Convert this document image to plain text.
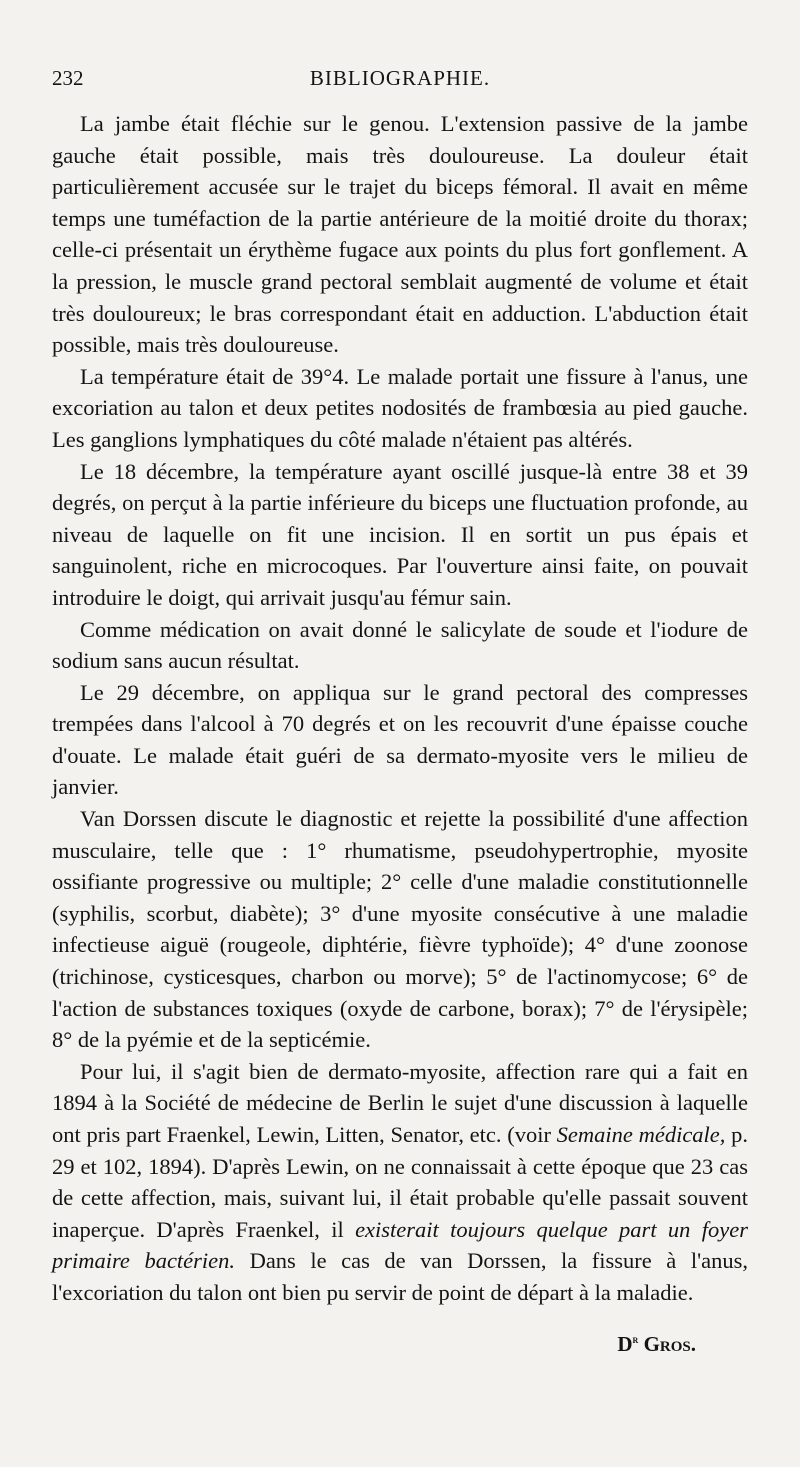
232	BIBLIOGRAPHIE.

La jambe était fléchie sur le genou. L'extension passive de la jambe gauche était possible, mais très douloureuse. La douleur était particulièrement accusée sur le trajet du biceps fémoral. Il avait en même temps une tuméfaction de la partie antérieure de la moitié droite du thorax; celle-ci présentait un érythème fugace aux points du plus fort gonflement. A la pression, le muscle grand pectoral semblait augmenté de volume et était très douloureux; le bras correspondant était en adduction. L'abduction était possible, mais très douloureuse.

La température était de 39°4. Le malade portait une fissure à l'anus, une excoriation au talon et deux petites nodosités de frambœsia au pied gauche. Les ganglions lymphatiques du côté malade n'étaient pas altérés.

Le 18 décembre, la température ayant oscillé jusque-là entre 38 et 39 degrés, on perçut à la partie inférieure du biceps une fluctuation profonde, au niveau de laquelle on fit une incision. Il en sortit un pus épais et sanguinolent, riche en microcoques. Par l'ouverture ainsi faite, on pouvait introduire le doigt, qui arrivait jusqu'au fémur sain.

Comme médication on avait donné le salicylate de soude et l'iodure de sodium sans aucun résultat.

Le 29 décembre, on appliqua sur le grand pectoral des compresses trempées dans l'alcool à 70 degrés et on les recouvrit d'une épaisse couche d'ouate. Le malade était guéri de sa dermato-myosite vers le milieu de janvier.

Van Dorssen discute le diagnostic et rejette la possibilité d'une affection musculaire, telle que : 1° rhumatisme, pseudohypertrophie, myosite ossifiante progressive ou multiple; 2° celle d'une maladie constitutionnelle (syphilis, scorbut, diabète); 3° d'une myosite consécutive à une maladie infectieuse aiguë (rougeole, diphtérie, fièvre typhoïde); 4° d'une zoonose (trichinose, cysticesques, charbon ou morve); 5° de l'actinomycose; 6° de l'action de substances toxiques (oxyde de carbone, borax); 7° de l'érysipèle; 8° de la pyémie et de la septicémie.

Pour lui, il s'agit bien de dermato-myosite, affection rare qui a fait en 1894 à la Société de médecine de Berlin le sujet d'une discussion à laquelle ont pris part Fraenkel, Lewin, Litten, Senator, etc. (voir Semaine médicale, p. 29 et 102, 1894). D'après Lewin, on ne connaissait à cette époque que 23 cas de cette affection, mais, suivant lui, il était probable qu'elle passait souvent inaperçue. D'après Fraenkel, il existerait toujours quelque part un foyer primaire bactérien. Dans le cas de van Dorssen, la fissure à l'anus, l'excoriation du talon ont bien pu servir de point de départ à la maladie.

$D^r$ Gros.
